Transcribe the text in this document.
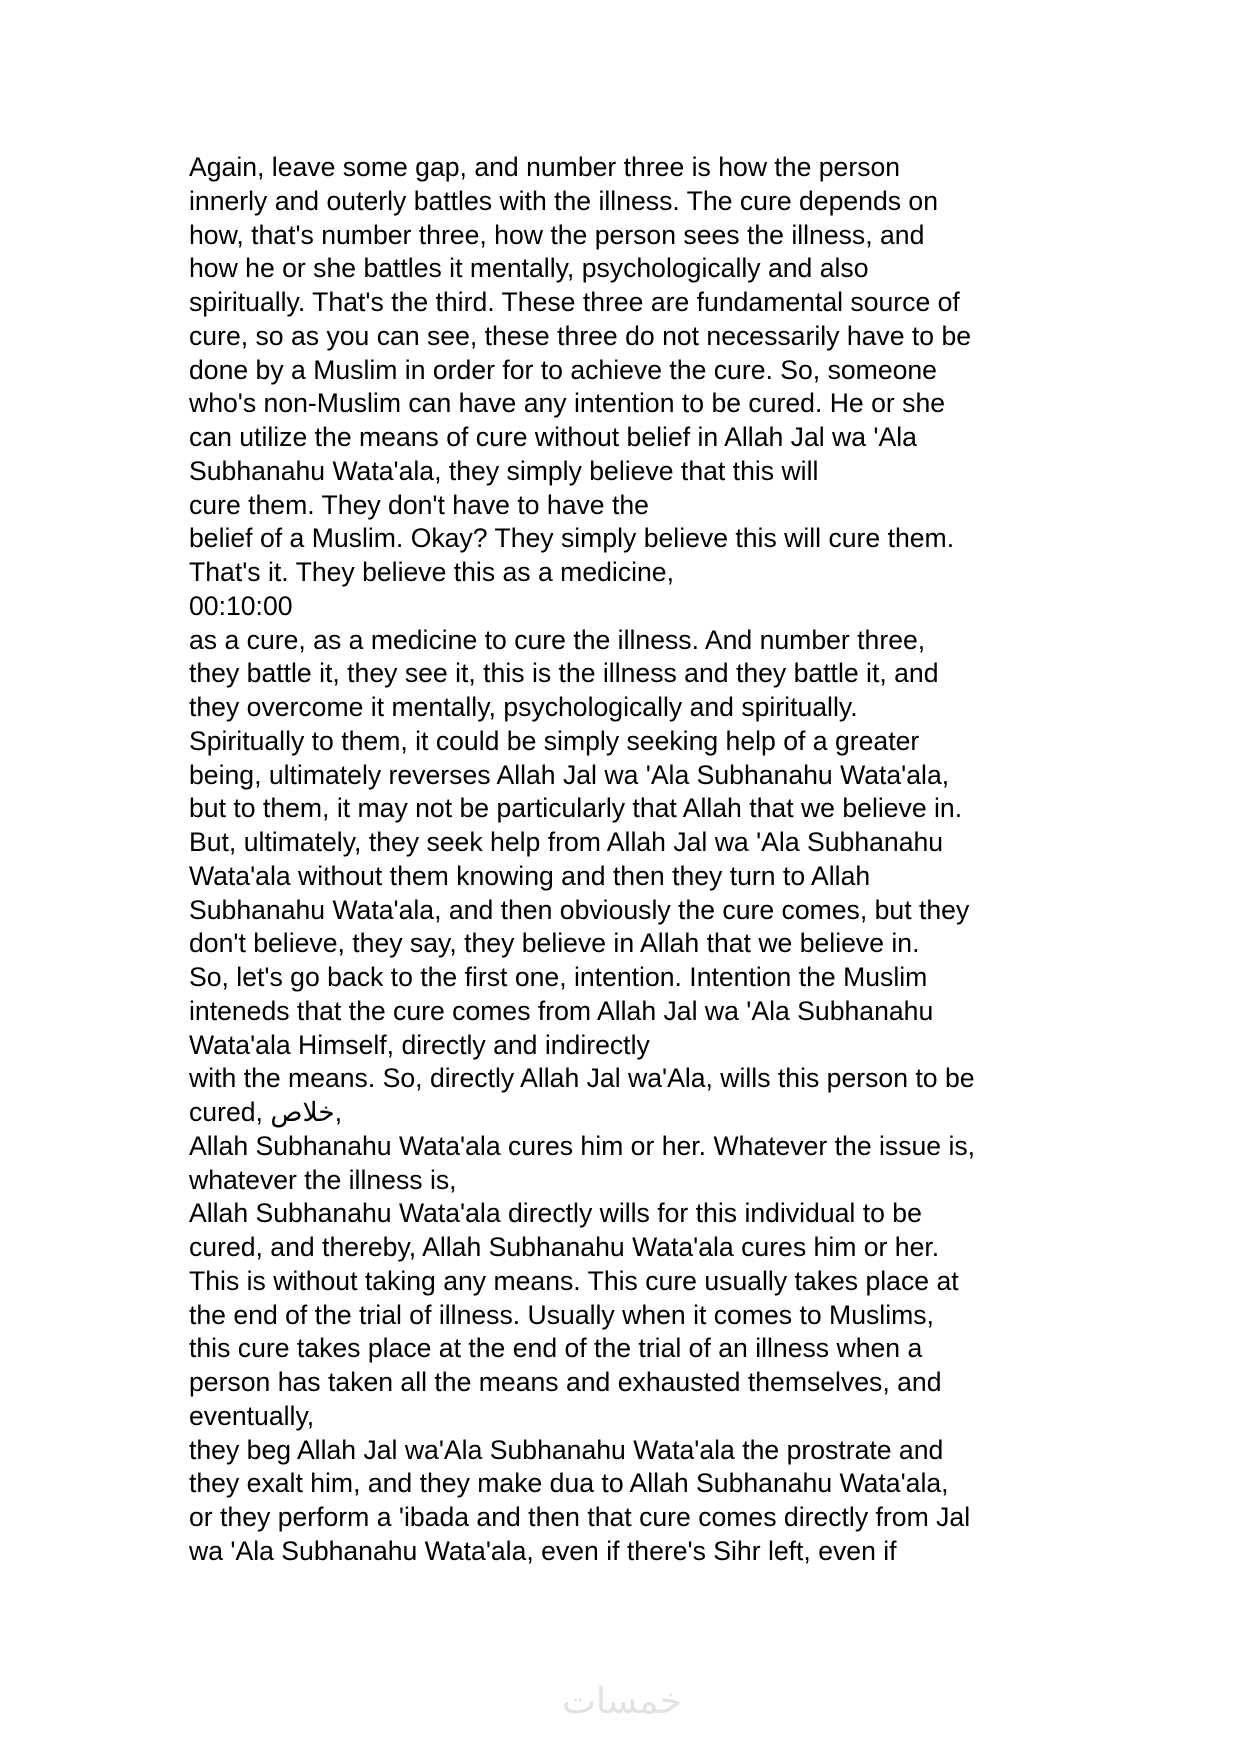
Again, leave some gap, and number three is how the person
innerly and outerly battles with the illness. The cure depends on
how, that's number three, how the person sees the illness, and
how he or she battles it mentally, psychologically and also
spiritually. That's the third. These three are fundamental source of
cure, so as you can see, these three do not necessarily have to be
done by a Muslim in order for to achieve the cure. So, someone
who's non-Muslim can have any intention to be cured. He or she
can utilize the means of cure without belief in Allah Jal wa 'Ala
Subhanahu Wata'ala, they simply believe that this will
cure them. They don't have to have the
belief of a Muslim. Okay? They simply believe this will cure them.
That's it. They believe this as a medicine,
00:10:00
as a cure, as a medicine to cure the illness. And number three,
they battle it, they see it, this is the illness and they battle it, and
they overcome it mentally, psychologically and spiritually.
Spiritually to them, it could be simply seeking help of a greater
being, ultimately reverses Allah Jal wa 'Ala Subhanahu Wata'ala,
but to them, it may not be particularly that Allah that we believe in.
But, ultimately, they seek help from Allah Jal wa 'Ala Subhanahu
Wata'ala without them knowing and then they turn to Allah
Subhanahu Wata'ala, and then obviously the cure comes, but they
don't believe, they say, they believe in Allah that we believe in.
So, let's go back to the first one, intention. Intention the Muslim
inteneds that the cure comes from Allah Jal wa 'Ala Subhanahu
Wata'ala Himself, directly and indirectly
with the means. So, directly Allah Jal wa'Ala, wills this person to be
cured, خلاص,
Allah Subhanahu Wata'ala cures him or her. Whatever the issue is,
whatever the illness is,
Allah Subhanahu Wata'ala directly wills for this individual to be
cured, and thereby, Allah Subhanahu Wata'ala cures him or her.
This is without taking any means. This cure usually takes place at
the end of the trial of illness. Usually when it comes to Muslims,
this cure takes place at the end of the trial of an illness when a
person has taken all the means and exhausted themselves, and
eventually,
they beg Allah Jal wa'Ala Subhanahu Wata'ala the prostrate and
they exalt him, and they make dua to Allah Subhanahu Wata'ala,
or they perform a 'ibada and then that cure comes directly from Jal
wa 'Ala Subhanahu Wata'ala, even if there's Sihr left, even if
خمسات
